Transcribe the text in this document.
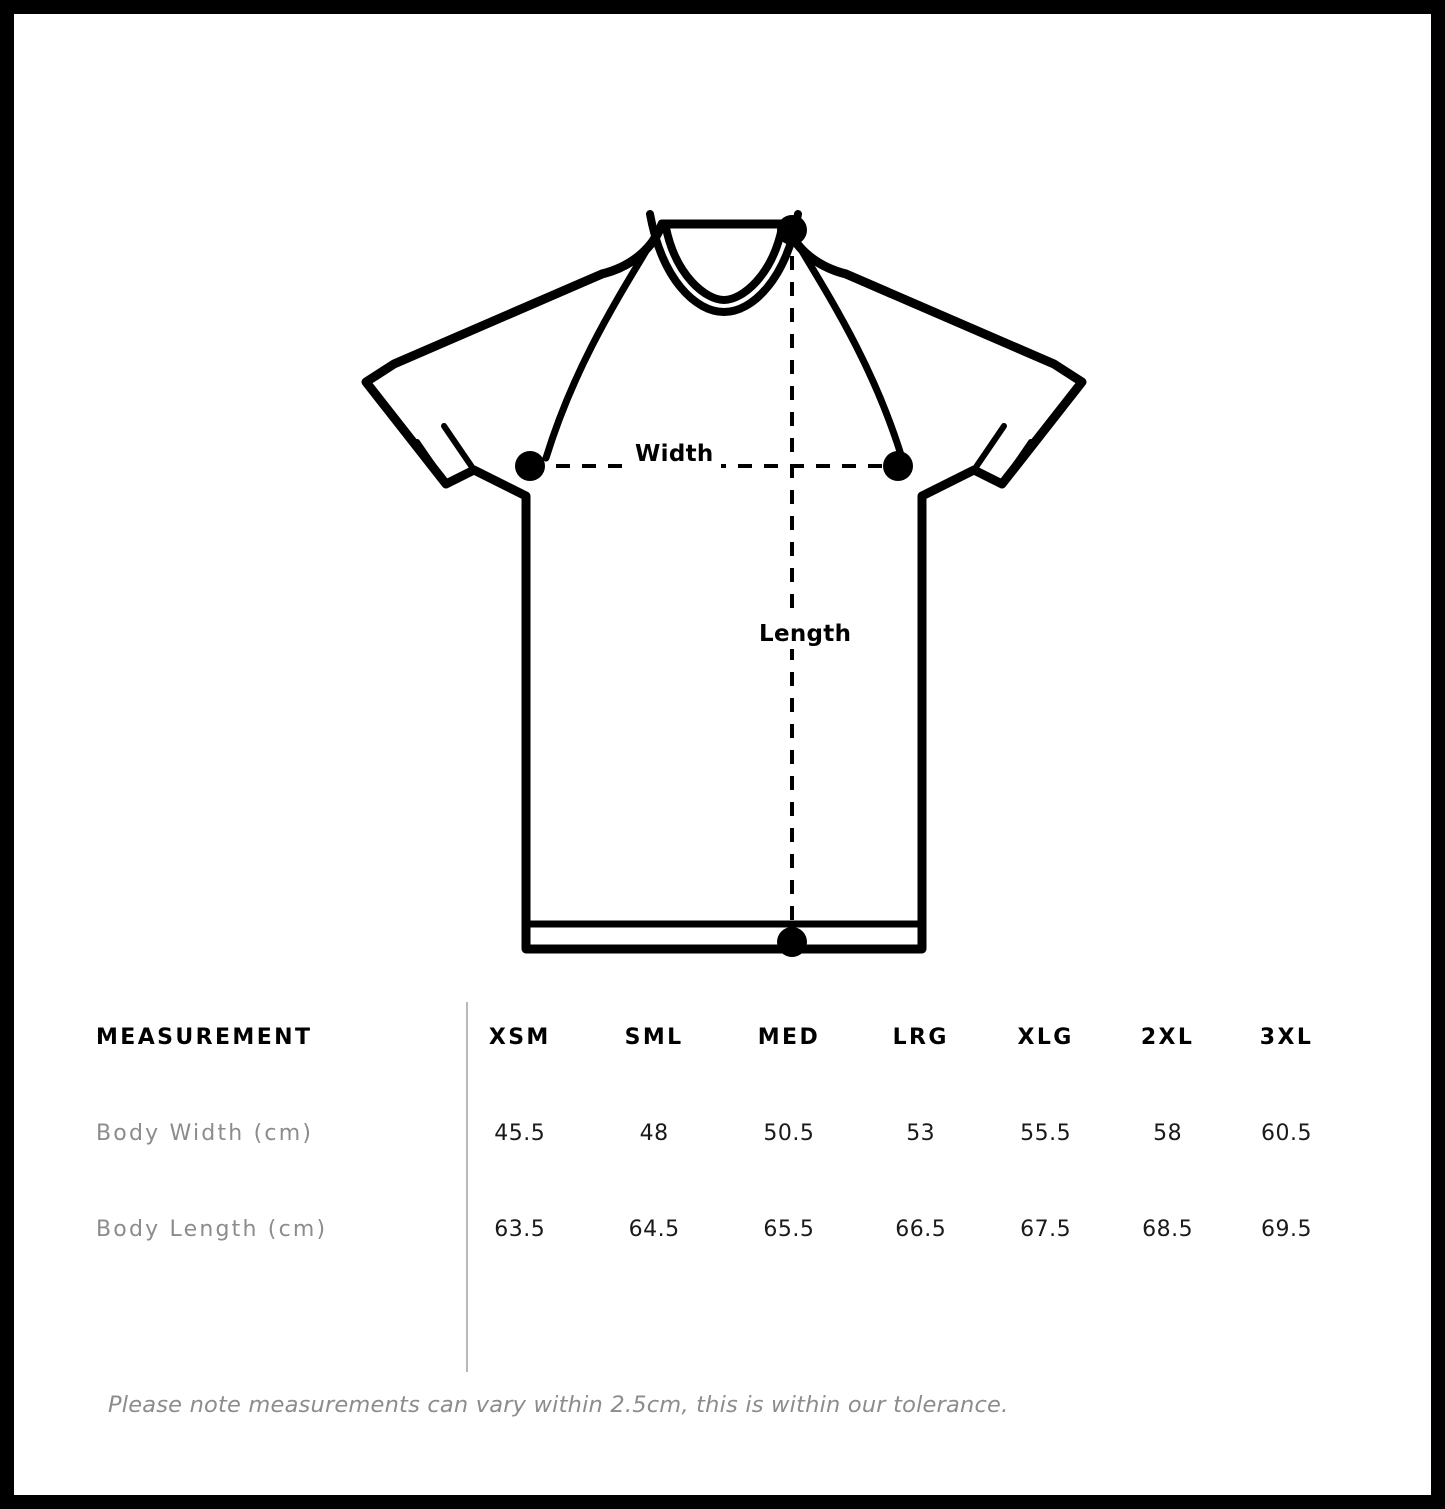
Width
Length
MEASUREMENT	XSM	SML	MED	LRG	XLG	2XL	3XL
Body Width (cm)	45.5	48	50.5	53	55.5	58	60.5
Body Length (cm)	63.5	64.5	65.5	66.5	67.5	68.5	69.5
Please note measurements can vary within 2.5cm, this is within our tolerance.
